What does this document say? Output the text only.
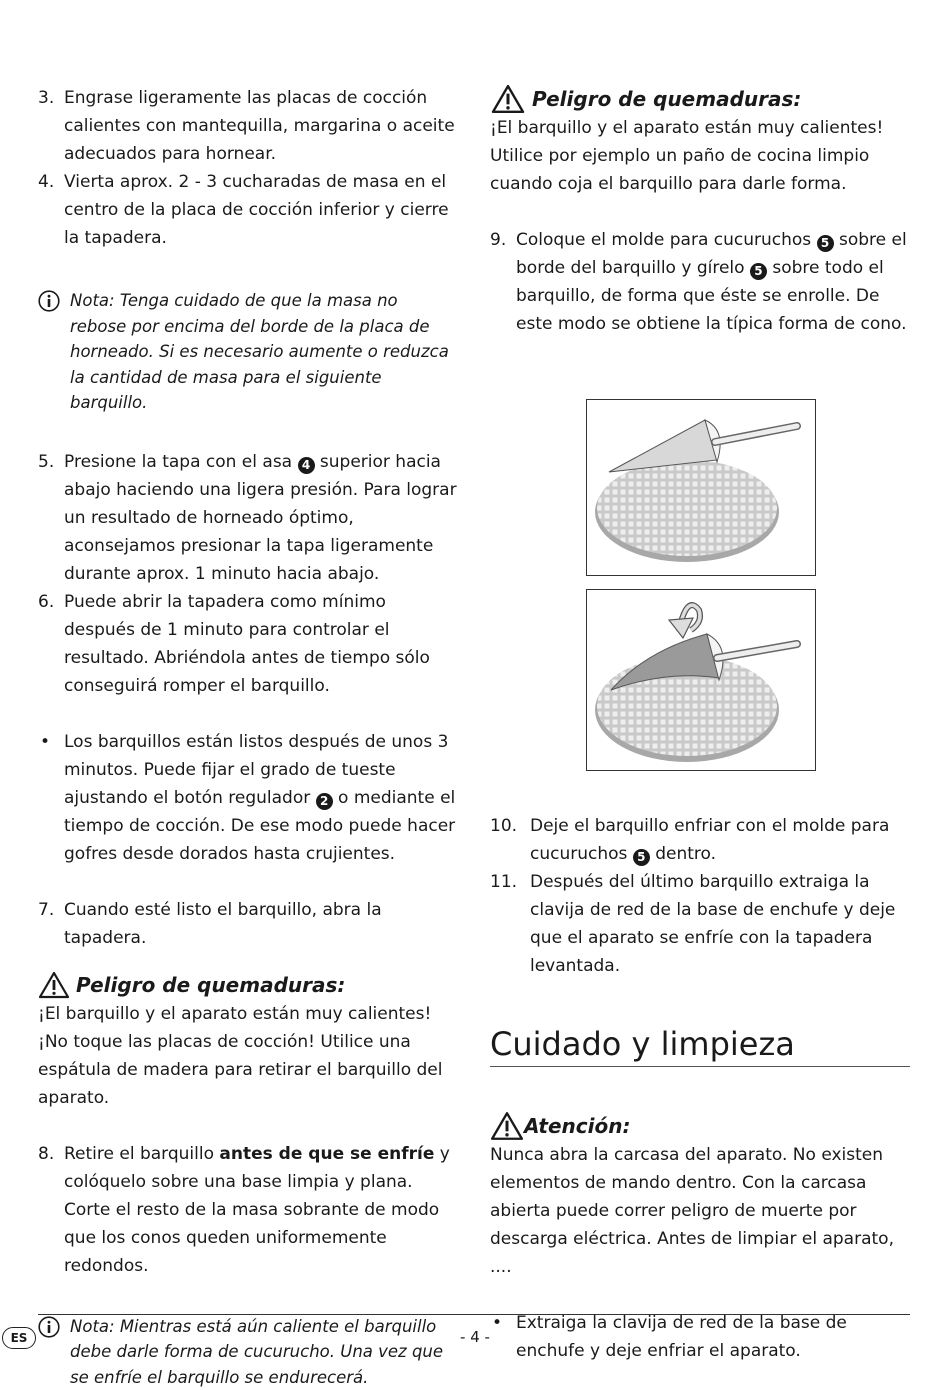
3. Engrase ligeramente las placas de cocción calientes con mantequilla, margarina o aceite adecuados para hornear.
4. Vierta aprox. 2 - 3 cucharadas de masa en el centro de la placa de cocción inferior y cierre la tapadera.
Nota: Tenga cuidado de que la masa no rebose por encima del borde de la placa de horneado. Si es necesario aumente o reduzca la cantidad de masa para el siguiente barquillo.
5. Presione la tapa con el asa 4 superior hacia abajo haciendo una ligera presión. Para lograr un resultado de horneado óptimo, aconsejamos presionar la tapa ligeramente durante aprox. 1 minuto hacia abajo.
6. Puede abrir la tapadera como mínimo después de 1 minuto para controlar el resultado. Abriéndola antes de tiempo sólo conseguirá romper el barquillo.
• Los barquillos están listos después de unos 3 minutos. Puede fijar el grado de tueste ajustando el botón regulador 2 o mediante el tiempo de cocción. De ese modo puede hacer gofres desde dorados hasta crujientes.
7. Cuando esté listo el barquillo, abra la tapadera.
Peligro de quemaduras:
¡El barquillo y el aparato están muy calientes! ¡No toque las placas de cocción! Utilice una espátula de madera para retirar el barquillo del aparato.
8. Retire el barquillo antes de que se enfríe y colóquelo sobre una base limpia y plana. Corte el resto de la masa sobrante de modo que los conos queden uniformemente redondos.
Nota: Mientras está aún caliente el barquillo debe darle forma de cucurucho. Una vez que se enfríe el barquillo se endurecerá.
Peligro de quemaduras:
¡El barquillo y el aparato están muy calientes! Utilice por ejemplo un paño de cocina limpio cuando coja el barquillo para darle forma.
9. Coloque el molde para cucuruchos 5 sobre el borde del barquillo y gírelo 5 sobre todo el barquillo, de forma que éste se enrolle. De este modo se obtiene la típica forma de cono.
10. Deje el barquillo enfriar con el molde para cucuruchos 5 dentro.
11. Después del último barquillo extraiga la clavija de red de la base de enchufe y deje que el aparato se enfríe con la tapadera levantada.
Cuidado y limpieza
Atención:
Nunca abra la carcasa del aparato. No existen elementos de mando dentro. Con la carcasa abierta puede correr peligro de muerte por descarga eléctrica. Antes de limpiar el aparato, ....
• Extraiga la clavija de red de la base de enchufe y deje enfriar el aparato.
ES	- 4 -
